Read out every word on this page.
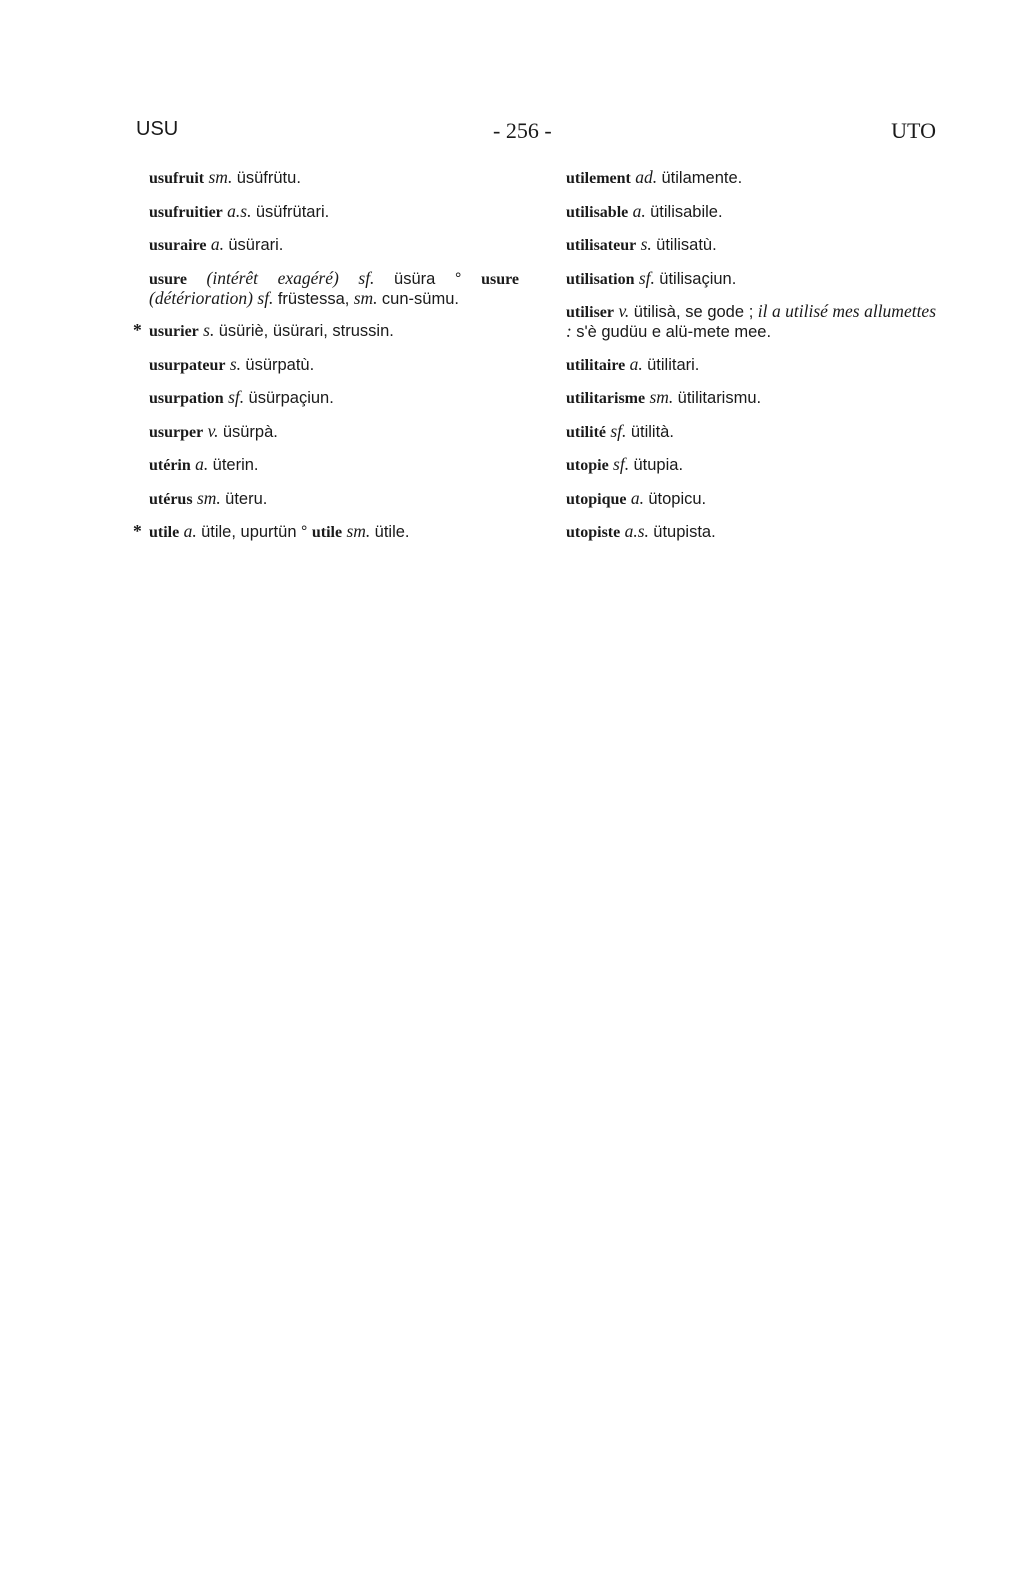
USU	- 256 -	UTO

usufruit sm. üsüfrütu.

usufruitier a.s. üsüfrütari.

usuraire a. üsürari.

usure (intérêt exagéré) sf. üsüra ° usure (détérioration) sf. früstessa, sm. cun-sümu.

* usurier s. üsüriè, üsürari, strussin.

usurpateur s. üsürpatù.

usurpation sf. üsürpaçiun.

usurper v. üsürpà.

utérin a. üterin.

utérus sm. üteru.

* utile a. ütile, upurtün ° utile sm. ütile.

utilement ad. ütilamente.

utilisable a. ütilisabile.

utilisateur s. ütilisatù.

utilisation sf. ütilisaçiun.

utiliser v. ütilisà, se gode ; il a utilisé mes allumettes : s'è gudüu e alü-mete mee.

utilitaire a. ütilitari.

utilitarisme sm. ütilitarismu.

utilité sf. ütilità.

utopie sf. ütupia.

utopique a. ütopicu.

utopiste a.s. ütupista.
